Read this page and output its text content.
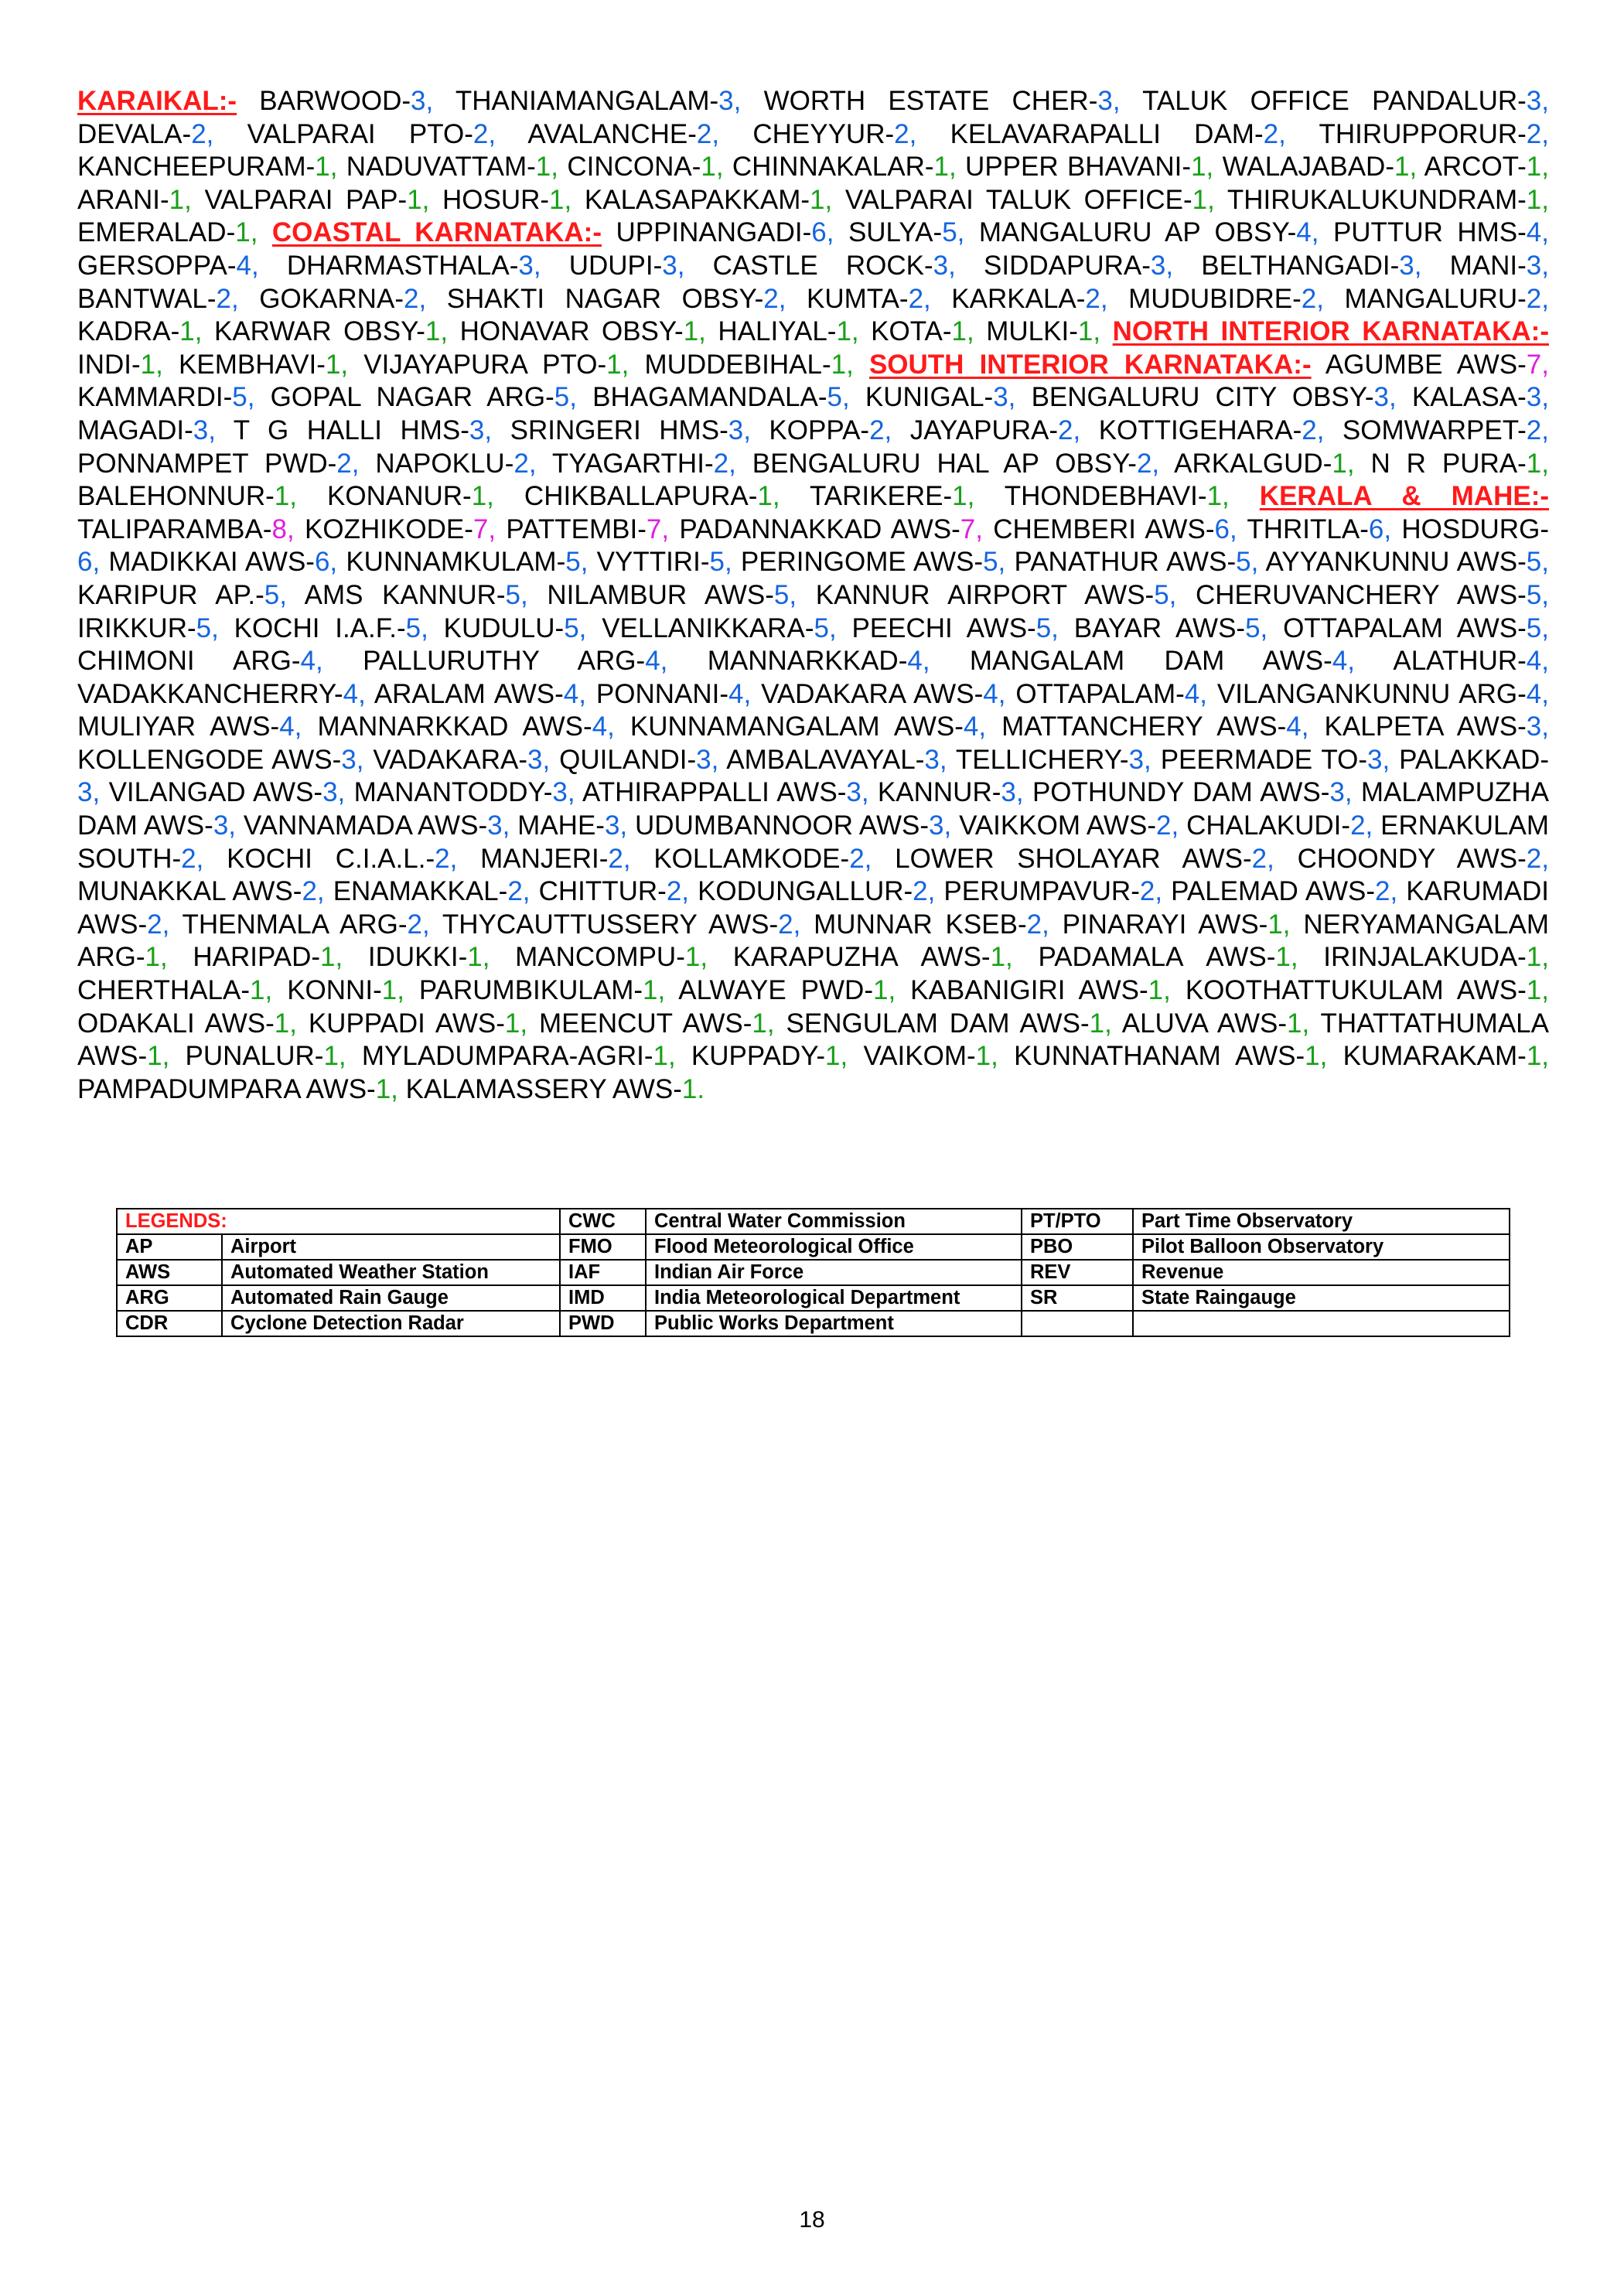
KARAIKAL:- BARWOOD-3, THANIAMANGALAM-3, WORTH ESTATE CHER-3, TALUK OFFICE PANDALUR-3, DEVALA-2, VALPARAI PTO-2, AVALANCHE-2, CHEYYUR-2, KELAVARAPALLI DAM-2, THIRUPPORUR-2, KANCHEEPURAM-1, NADUVATTAM-1, CINCONA-1, CHINNAKALAR-1, UPPER BHAVANI-1, WALAJABAD-1, ARCOT-1, ARANI-1, VALPARAI PAP-1, HOSUR-1, KALASAPAKKAM-1, VALPARAI TALUK OFFICE-1, THIRUKALUKUNDRAM-1, EMERALAD-1, COASTAL KARNATAKA:- UPPINANGADI-6, SULYA-5, MANGALURU AP OBSY-4, PUTTUR HMS-4, GERSOPPA-4, DHARMASTHALA-3, UDUPI-3, CASTLE ROCK-3, SIDDAPURA-3, BELTHANGADI-3, MANI-3, BANTWAL-2, GOKARNA-2, SHAKTI NAGAR OBSY-2, KUMTA-2, KARKALA-2, MUDUBIDRE-2, MANGALURU-2, KADRA-1, KARWAR OBSY-1, HONAVAR OBSY-1, HALIYAL-1, KOTA-1, MULKI-1, NORTH INTERIOR KARNATAKA:- INDI-1, KEMBHAVI-1, VIJAYAPURA PTO-1, MUDDEBIHAL-1, SOUTH INTERIOR KARNATAKA:- AGUMBE AWS-7, KAMMARDI-5, GOPAL NAGAR ARG-5, BHAGAMANDALA-5, KUNIGAL-3, BENGALURU CITY OBSY-3, KALASA-3, MAGADI-3, T G HALLI HMS-3, SRINGERI HMS-3, KOPPA-2, JAYAPURA-2, KOTTIGEHARA-2, SOMWARPET-2, PONNAMPET PWD-2, NAPOKLU-2, TYAGARTHI-2, BENGALURU HAL AP OBSY-2, ARKALGUD-1, N R PURA-1, BALEHONNUR-1, KONANUR-1, CHIKBALLAPURA-1, TARIKERE-1, THONDEBHAVI-1, KERALA & MAHE:- TALIPARAMBA-8, KOZHIKODE-7, PATTEMBI-7, PADANNAKKAD AWS-7, CHEMBERI AWS-6, THRITLA-6, HOSDURG-6, MADIKKAI AWS-6, KUNNAMKULAM-5, VYTTIRI-5, PERINGOME AWS-5, PANATHUR AWS-5, AYYANKUNNU AWS-5, KARIPUR AP.-5, AMS KANNUR-5, NILAMBUR AWS-5, KANNUR AIRPORT AWS-5, CHERUVANCHERY AWS-5, IRIKKUR-5, KOCHI I.A.F.-5, KUDULU-5, VELLANIKKARA-5, PEECHI AWS-5, BAYAR AWS-5, OTTAPALAM AWS-5, CHIMONI ARG-4, PALLURUTHY ARG-4, MANNARKKAD-4, MANGALAM DAM AWS-4, ALATHUR-4, VADAKKANCHERRY-4, ARALAM AWS-4, PONNANI-4, VADAKARA AWS-4, OTTAPALAM-4, VILANGANKUNNU ARG-4, MULIYAR AWS-4, MANNARKKAD AWS-4, KUNNAMANGALAM AWS-4, MATTANCHERY AWS-4, KALPETA AWS-3, KOLLENGODE AWS-3, VADAKARA-3, QUILANDI-3, AMBALAVAYAL-3, TELLICHERY-3, PEERMADE TO-3, PALAKKAD-3, VILANGAD AWS-3, MANANTODDY-3, ATHIRAPPALLI AWS-3, KANNUR-3, POTHUNDY DAM AWS-3, MALAMPUZHA DAM AWS-3, VANNAMADA AWS-3, MAHE-3, UDUMBANNOOR AWS-3, VAIKKOM AWS-2, CHALAKUDI-2, ERNAKULAM SOUTH-2, KOCHI C.I.A.L.-2, MANJERI-2, KOLLAMKODE-2, LOWER SHOLAYAR AWS-2, CHOONDY AWS-2, MUNAKKAL AWS-2, ENAMAKKAL-2, CHITTUR-2, KODUNGALLUR-2, PERUMPAVUR-2, PALEMAD AWS-2, KARUMADI AWS-2, THENMALA ARG-2, THYCAUTTUSSERY AWS-2, MUNNAR KSEB-2, PINARAYI AWS-1, NERYAMANGALAM ARG-1, HARIPAD-1, IDUKKI-1, MANCOMPU-1, KARAPUZHA AWS-1, PADAMALA AWS-1, IRINJALAKUDA-1, CHERTHALA-1, KONNI-1, PARUMBIKULAM-1, ALWAYE PWD-1, KABANIGIRI AWS-1, KOOTHATTUKULAM AWS-1, ODAKALI AWS-1, KUPPADI AWS-1, MEENCUT AWS-1, SENGULAM DAM AWS-1, ALUVA AWS-1, THATTATHUMALA AWS-1, PUNALUR-1, MYLADUMPARA-AGRI-1, KUPPADY-1, VAIKOM-1, KUNNATHANAM AWS-1, KUMARAKAM-1, PAMPADUMPARA AWS-1, KALAMASSERY AWS-1.
LEGENDS:		CWC	Central Water Commission	PT/PTO	Part Time Observatory
AP	Airport	FMO	Flood Meteorological Office	PBO	Pilot Balloon Observatory
AWS	Automated Weather Station	IAF	Indian Air Force	REV	Revenue
ARG	Automated Rain Gauge	IMD	India Meteorological Department	SR	State Raingauge
CDR	Cyclone Detection Radar	PWD	Public Works Department		
18
